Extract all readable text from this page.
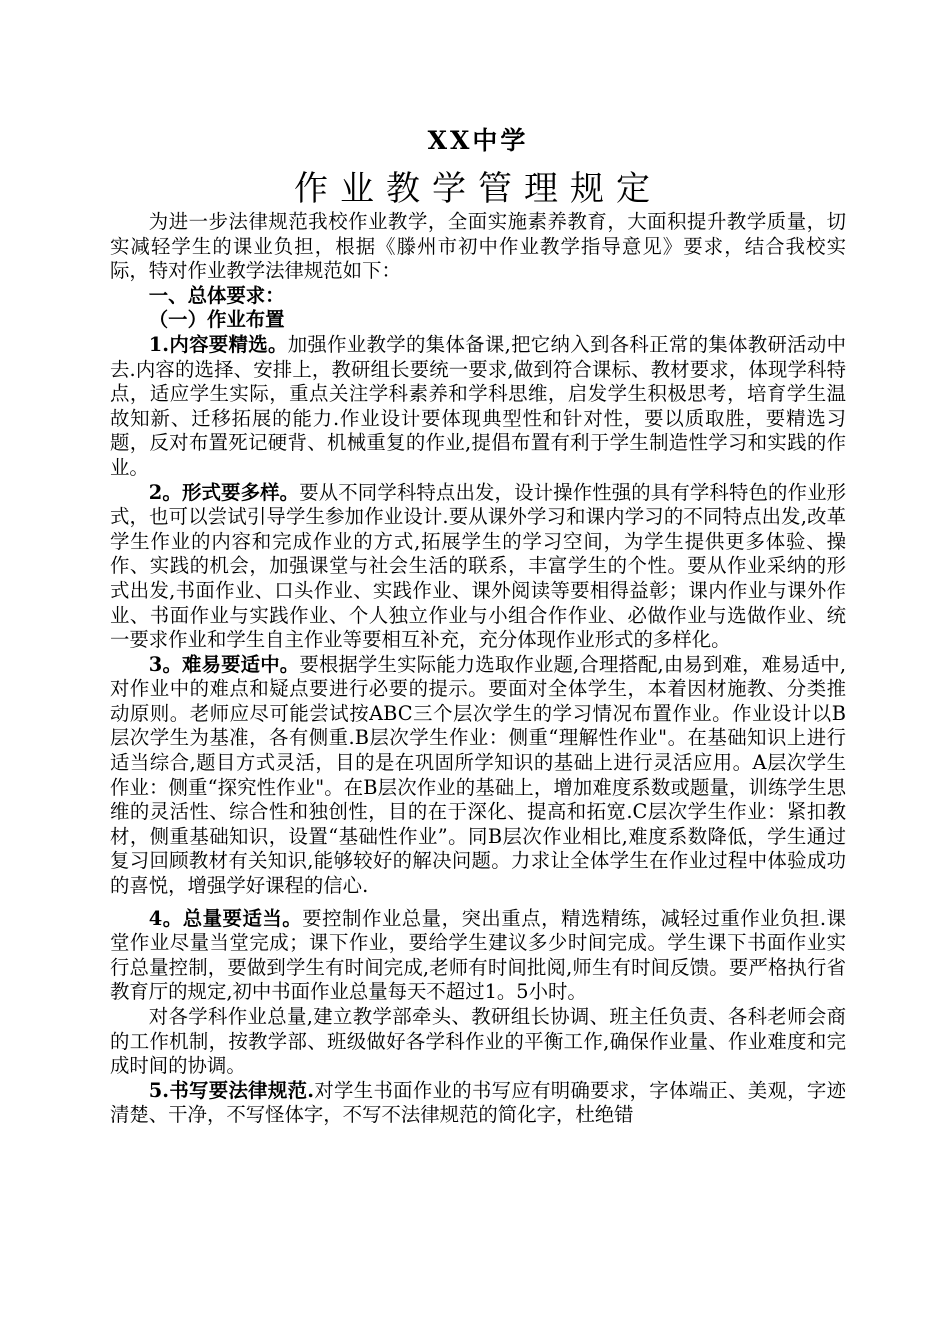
XX中学
作业教学管理规定

为进一步法律规范我校作业教学，全面实施素养教育，大面积提升教学质量，切实减轻学生的课业负担，根据《滕州市初中作业教学指导意见》要求，结合我校实际，特对作业教学法律规范如下：

一、总体要求：

（一）作业布置

1.内容要精选。加强作业教学的集体备课,把它纳入到各科正常的集体教研活动中去.内容的选择、安排上，教研组长要统一要求,做到符合课标、教材要求，体现学科特点，适应学生实际，重点关注学科素养和学科思维，启发学生积极思考，培育学生温故知新、迁移拓展的能力.作业设计要体现典型性和针对性，要以质取胜，要精选习题，反对布置死记硬背、机械重复的作业,提倡布置有利于学生制造性学习和实践的作业。

2。形式要多样。要从不同学科特点出发，设计操作性强的具有学科特色的作业形式，也可以尝试引导学生参加作业设计.要从课外学习和课内学习的不同特点出发,改革学生作业的内容和完成作业的方式,拓展学生的学习空间，为学生提供更多体验、操作、实践的机会，加强课堂与社会生活的联系，丰富学生的个性。要从作业采纳的形式出发,书面作业、口头作业、实践作业、课外阅读等要相得益彰；课内作业与课外作业、书面作业与实践作业、个人独立作业与小组合作作业、必做作业与选做作业、统一要求作业和学生自主作业等要相互补充，充分体现作业形式的多样化。

3。难易要适中。要根据学生实际能力选取作业题,合理搭配,由易到难，难易适中,对作业中的难点和疑点要进行必要的提示。要面对全体学生，本着因材施教、分类推动原则。老师应尽可能尝试按ABC三个层次学生的学习情况布置作业。作业设计以B层次学生为基准，各有侧重.B层次学生作业：侧重“理解性作业"。在基础知识上进行适当综合,题目方式灵活，目的是在巩固所学知识的基础上进行灵活应用。A层次学生作业：侧重“探究性作业"。在B层次作业的基础上，增加难度系数或题量，训练学生思维的灵活性、综合性和独创性，目的在于深化、提高和拓宽.C层次学生作业：紧扣教材，侧重基础知识，设置“基础性作业”。同B层次作业相比,难度系数降低，学生通过复习回顾教材有关知识,能够较好的解决问题。力求让全体学生在作业过程中体验成功的喜悦，增强学好课程的信心.

4。总量要适当。要控制作业总量，突出重点，精选精练，减轻过重作业负担.课堂作业尽量当堂完成；课下作业，要给学生建议多少时间完成。学生课下书面作业实行总量控制，要做到学生有时间完成,老师有时间批阅,师生有时间反馈。要严格执行省教育厅的规定,初中书面作业总量每天不超过1。5小时。

对各学科作业总量,建立教学部牵头、教研组长协调、班主任负责、各科老师会商的工作机制，按教学部、班级做好各学科作业的平衡工作,确保作业量、作业难度和完成时间的协调。

5.书写要法律规范.对学生书面作业的书写应有明确要求，字体端正、美观，字迹清楚、干净，不写怪体字，不写不法律规范的简化字，杜绝错
